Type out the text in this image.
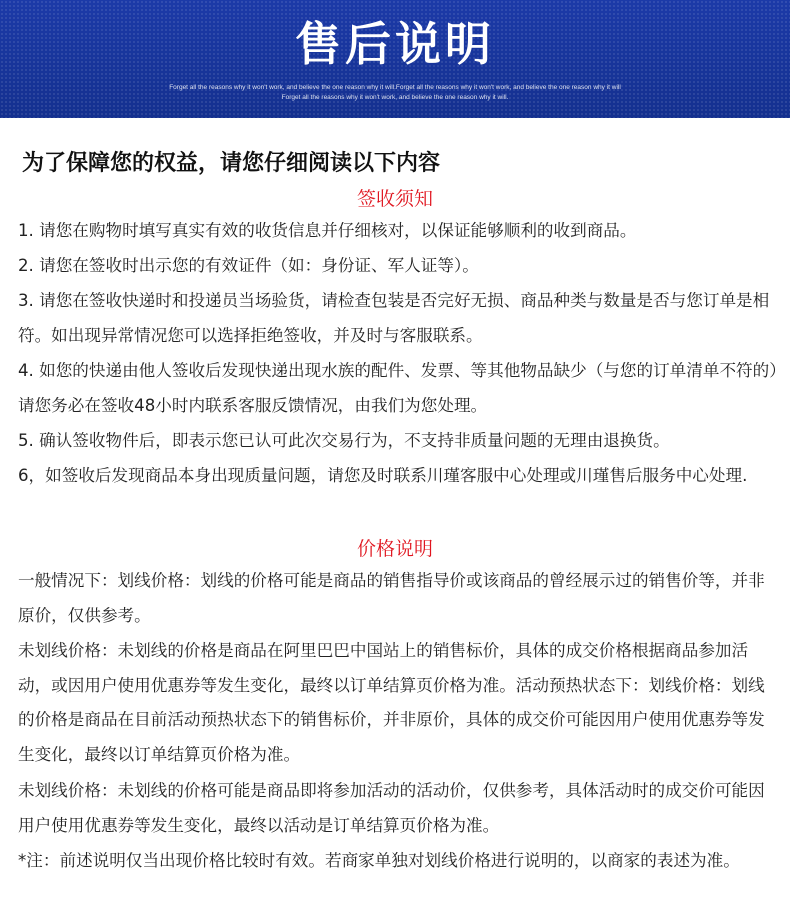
售后说明
Forget all the reasons why it won't work, and believe the one reason why it will.Forget all the reasons why it won't work, and believe the one reason why it will
Forget all the reasons why it won't work, and believe the one reason why it will.
为了保障您的权益，请您仔细阅读以下内容
签收须知

1. 请您在购物时填写真实有效的收货信息并仔细核对，以保证能够顺利的收到商品。

2. 请您在签收时出示您的有效证件（如：身份证、军人证等）。

3. 请您在签收快递时和投递员当场验货，请检查包装是否完好无损、商品种类与数量是否与您订单是相符。如出现异常情况您可以选择拒绝签收，并及时与客服联系。

4. 如您的快递由他人签收后发现快递出现水族的配件、发票、等其他物品缺少（与您的订单清单不符的）请您务必在签收48小时内联系客服反馈情况，由我们为您处理。

5. 确认签收物件后，即表示您已认可此次交易行为，不支持非质量问题的无理由退换货。

6，如签收后发现商品本身出现质量问题，请您及时联系川瑾客服中心处理或川瑾售后服务中心处理.

价格说明

一般情况下：划线价格：划线的价格可能是商品的销售指导价或该商品的曾经展示过的销售价等，并非原价，仅供参考。

未划线价格：未划线的价格是商品在阿里巴巴中国站上的销售标价，具体的成交价格根据商品参加活动，或因用户使用优惠券等发生变化，最终以订单结算页价格为准。活动预热状态下：划线价格：划线的价格是商品在目前活动预热状态下的销售标价，并非原价，具体的成交价可能因用户使用优惠券等发生变化，最终以订单结算页价格为准。

未划线价格：未划线的价格可能是商品即将参加活动的活动价，仅供参考，具体活动时的成交价可能因用户使用优惠券等发生变化，最终以活动是订单结算页价格为准。

*注：前述说明仅当出现价格比较时有效。若商家单独对划线价格进行说明的，以商家的表述为准。
